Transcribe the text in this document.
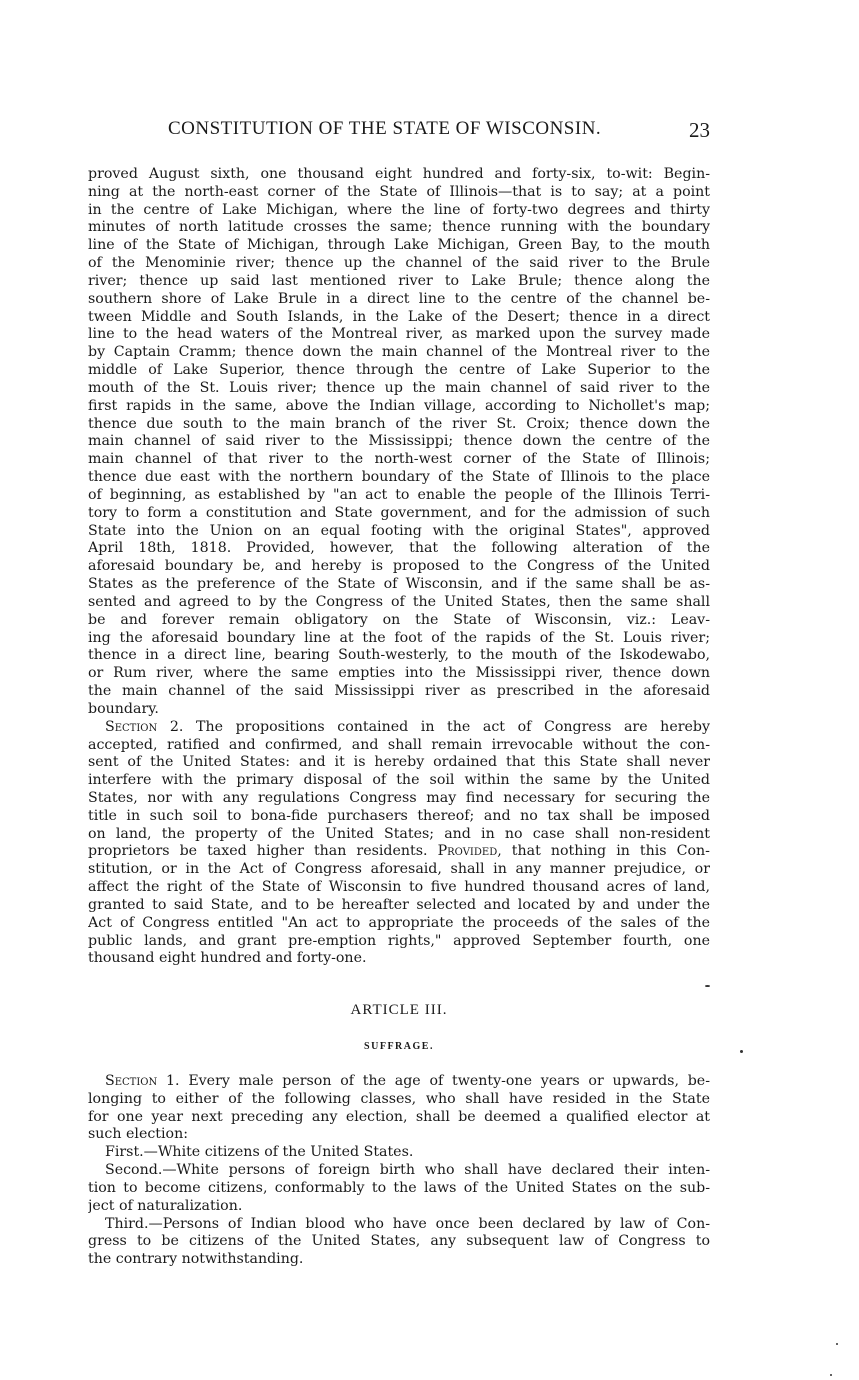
CONSTITUTION OF THE STATE OF WISCONSIN.	23
proved August sixth, one thousand eight hundred and forty-six, to-wit: Begin-
ning at the north-east corner of the State of Illinois—that is to say; at a point
in the centre of Lake Michigan, where the line of forty-two degrees and thirty
minutes of north latitude crosses the same; thence running with the boundary
line of the State of Michigan, through Lake Michigan, Green Bay, to the mouth
of the Menominie river; thence up the channel of the said river to the Brule
river; thence up said last mentioned river to Lake Brule; thence along the
southern shore of Lake Brule in a direct line to the centre of the channel be-
tween Middle and South Islands, in the Lake of the Desert; thence in a direct
line to the head waters of the Montreal river, as marked upon the survey made
by Captain Cramm; thence down the main channel of the Montreal river to the
middle of Lake Superior, thence through the centre of Lake Superior to the
mouth of the St. Louis river; thence up the main channel of said river to the
first rapids in the same, above the Indian village, according to Nichollet's map;
thence due south to the main branch of the river St. Croix; thence down the
main channel of said river to the Mississippi; thence down the centre of the
main channel of that river to the north-west corner of the State of Illinois;
thence due east with the northern boundary of the State of Illinois to the place
of beginning, as established by "an act to enable the people of the Illinois Terri-
tory to form a constitution and State government, and for the admission of such
State into the Union on an equal footing with the original States", approved
April 18th, 1818. Provided, however, that the following alteration of the
aforesaid boundary be, and hereby is proposed to the Congress of the United
States as the preference of the State of Wisconsin, and if the same shall be as-
sented and agreed to by the Congress of the United States, then the same shall
be and forever remain obligatory on the State of Wisconsin, viz.: Leav-
ing the aforesaid boundary line at the foot of the rapids of the St. Louis river;
thence in a direct line, bearing South-westerly, to the mouth of the Iskodewabo,
or Rum river, where the same empties into the Mississippi river, thence down
the main channel of the said Mississippi river as prescribed in the aforesaid
boundary.
Section 2. The propositions contained in the act of Congress are hereby
accepted, ratified and confirmed, and shall remain irrevocable without the con-
sent of the United States: and it is hereby ordained that this State shall never
interfere with the primary disposal of the soil within the same by the United
States, nor with any regulations Congress may find necessary for securing the
title in such soil to bona-fide purchasers thereof; and no tax shall be imposed
on land, the property of the United States; and in no case shall non-resident
proprietors be taxed higher than residents. Provided, that nothing in this Con-
stitution, or in the Act of Congress aforesaid, shall in any manner prejudice, or
affect the right of the State of Wisconsin to five hundred thousand acres of land,
granted to said State, and to be hereafter selected and located by and under the
Act of Congress entitled "An act to appropriate the proceeds of the sales of the
public lands, and grant pre-emption rights," approved September fourth, one
thousand eight hundred and forty-one.
ARTICLE III.
SUFFRAGE.
Section 1. Every male person of the age of twenty-one years or upwards, be-
longing to either of the following classes, who shall have resided in the State
for one year next preceding any election, shall be deemed a qualified elector at
such election:
First.—White citizens of the United States.
Second.—White persons of foreign birth who shall have declared their inten-
tion to become citizens, conformably to the laws of the United States on the sub-
ject of naturalization.
Third.—Persons of Indian blood who have once been declared by law of Con-
gress to be citizens of the United States, any subsequent law of Congress to
the contrary notwithstanding.
